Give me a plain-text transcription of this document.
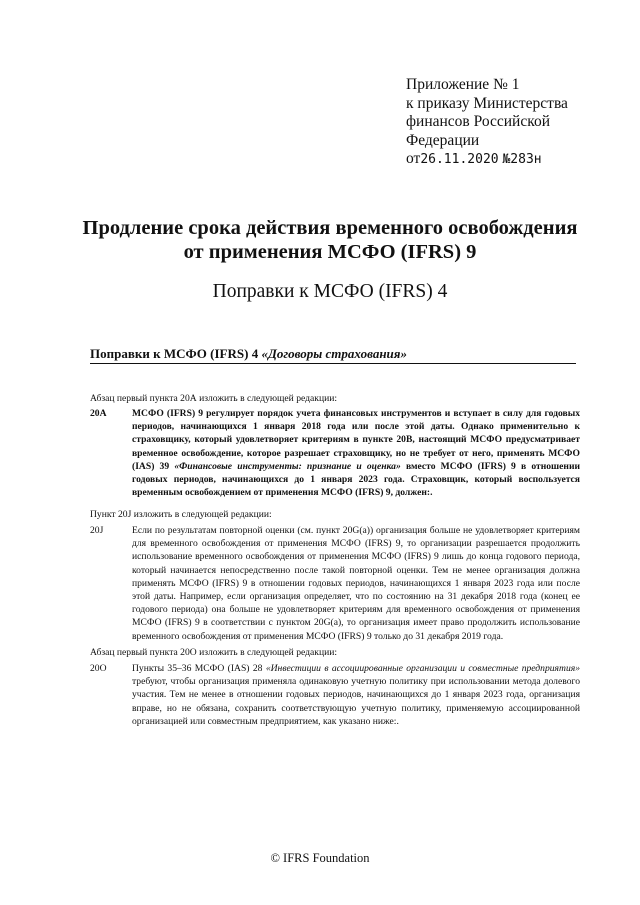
Приложение № 1
к приказу Министерства
финансов Российской
Федерации
от26.11.2020 №283н
Продление срока действия временного освобождения
от применения МСФО (IFRS) 9
Поправки к МСФО (IFRS) 4
Поправки к МСФО (IFRS) 4 «Договоры страхования»
Абзац первый пункта 20А изложить в следующей редакции:
20А	МСФО (IFRS) 9 регулирует порядок учета финансовых инструментов и вступает в силу для годовых периодов, начинающихся 1 января 2018 года или после этой даты. Однако применительно к страховщику, который удовлетворяет критериям в пункте 20В, настоящий МСФО предусматривает временное освобождение, которое разрешает страховщику, но не требует от него, применять МСФО (IAS) 39 «Финансовые инструменты: признание и оценка» вместо МСФО (IFRS) 9 в отношении годовых периодов, начинающихся до 1 января 2023 года. Страховщик, который воспользуется временным освобождением от применения МСФО (IFRS) 9, должен:.
Пункт 20J изложить в следующей редакции:
20J	Если по результатам повторной оценки (см. пункт 20G(a)) организация больше не удовлетворяет критериям для временного освобождения от применения МСФО (IFRS) 9, то организации разрешается продолжить использование временного освобождения от применения МСФО (IFRS) 9 лишь до конца годового периода, который начинается непосредственно после такой повторной оценки. Тем не менее организация должна применять МСФО (IFRS) 9 в отношении годовых периодов, начинающихся 1 января 2023 года или после этой даты. Например, если организация определяет, что по состоянию на 31 декабря 2018 года (конец ее годового периода) она больше не удовлетворяет критериям для временного освобождения от применения МСФО (IFRS) 9 в соответствии с пунктом 20G(a), то организация имеет право продолжить использование временного освобождения от применения МСФО (IFRS) 9 только до 31 декабря 2019 года.
Абзац первый пункта 20О изложить в следующей редакции:
20О	Пункты 35–36 МСФО (IAS) 28 «Инвестиции в ассоциированные организации и совместные предприятия» требуют, чтобы организация применяла одинаковую учетную политику при использовании метода долевого участия. Тем не менее в отношении годовых периодов, начинающихся до 1 января 2023 года, организация вправе, но не обязана, сохранить соответствующую учетную политику, применяемую ассоциированной организацией или совместным предприятием, как указано ниже:.
© IFRS Foundation
